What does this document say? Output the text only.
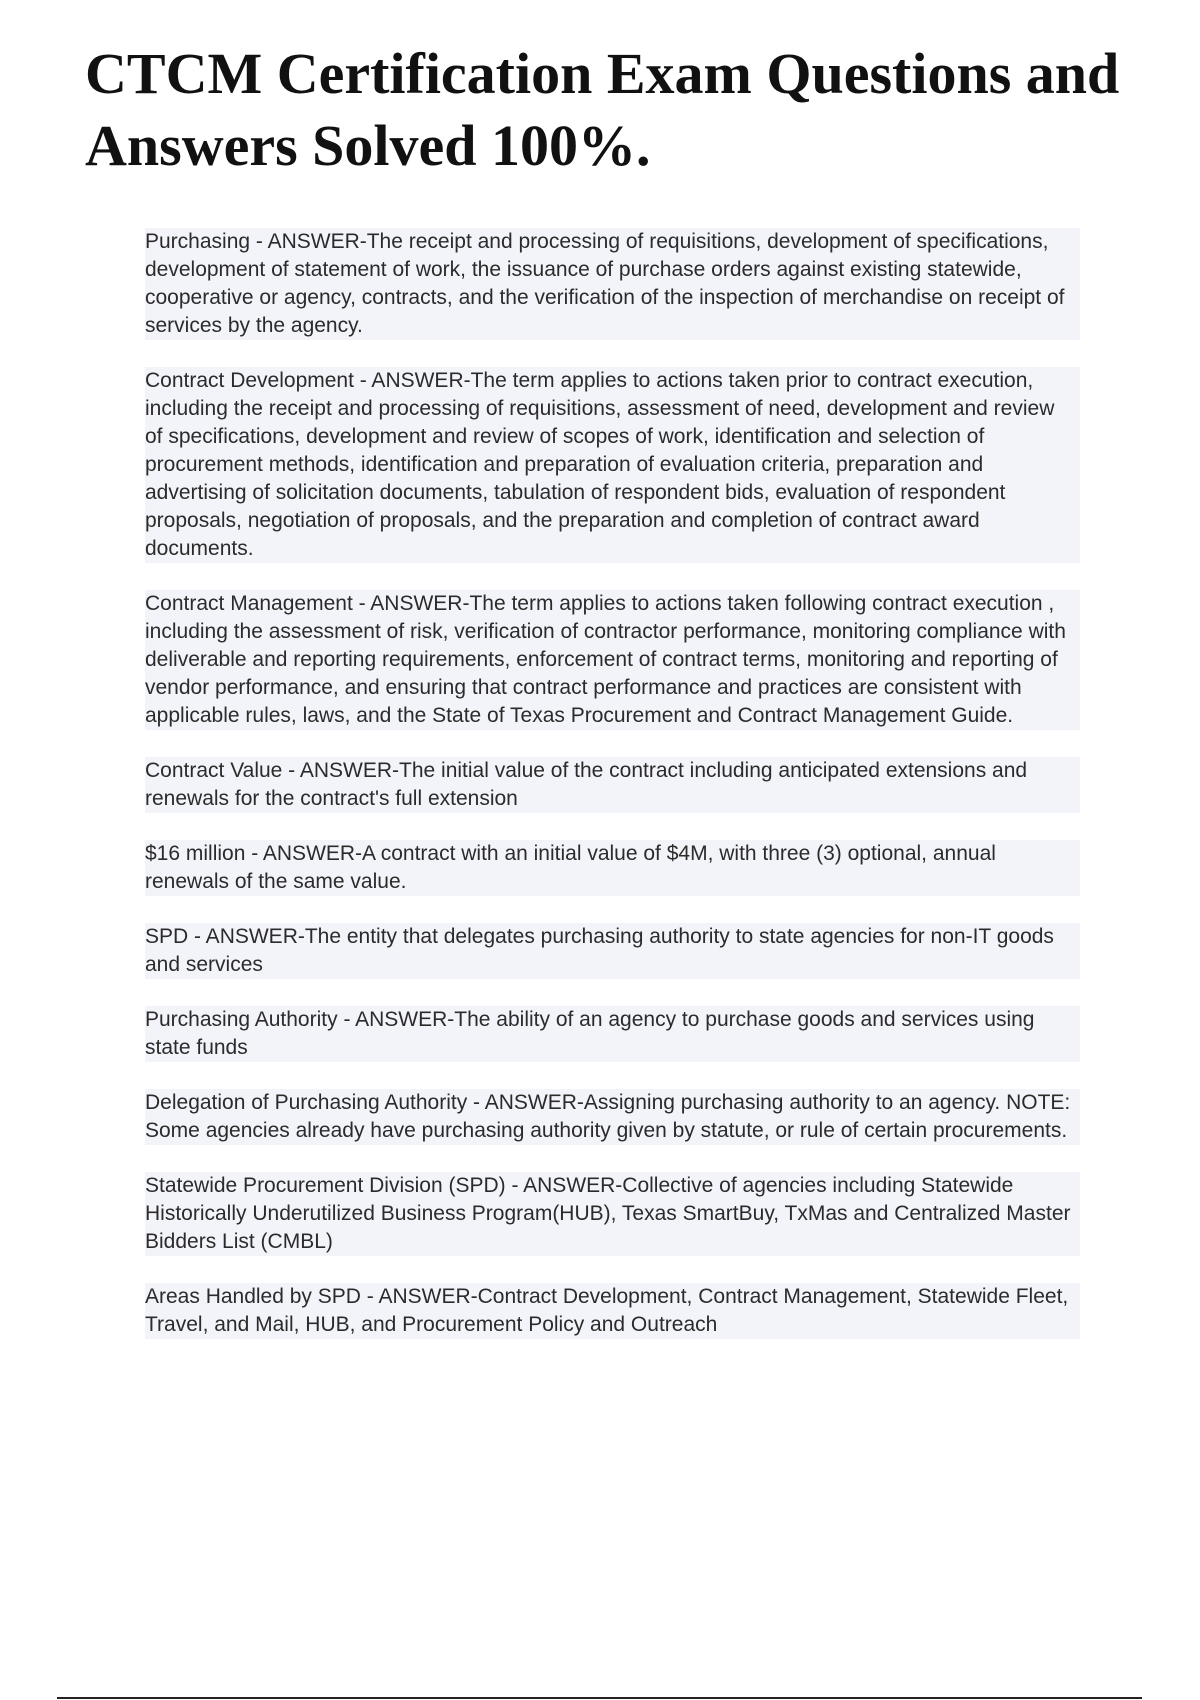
CTCM Certification Exam Questions and
Answers Solved 100%.

Purchasing - ANSWER-The receipt and processing of requisitions, development of specifications, development of statement of work, the issuance of purchase orders against existing statewide, cooperative or agency, contracts, and the verification of the inspection of merchandise on receipt of services by the agency.

Contract Development - ANSWER-The term applies to actions taken prior to contract execution, including the receipt and processing of requisitions, assessment of need, development and review of specifications, development and review of scopes of work, identification and selection of procurement methods, identification and preparation of evaluation criteria, preparation and advertising of solicitation documents, tabulation of respondent bids, evaluation of respondent proposals, negotiation of proposals, and the preparation and completion of contract award documents.

Contract Management - ANSWER-The term applies to actions taken following contract execution , including the assessment of risk, verification of contractor performance, monitoring compliance with deliverable and reporting requirements, enforcement of contract terms, monitoring and reporting of vendor performance, and ensuring that contract performance and practices are consistent with applicable rules, laws, and the State of Texas Procurement and Contract Management Guide.

Contract Value - ANSWER-The initial value of the contract including anticipated extensions and renewals for the contract's full extension

$16 million - ANSWER-A contract with an initial value of $4M, with three (3) optional, annual renewals of the same value.

SPD - ANSWER-The entity that delegates purchasing authority to state agencies for non-IT goods and services

Purchasing Authority - ANSWER-The ability of an agency to purchase goods and services using state funds

Delegation of Purchasing Authority - ANSWER-Assigning purchasing authority to an agency. NOTE: Some agencies already have purchasing authority given by statute, or rule of certain procurements.

Statewide Procurement Division (SPD) - ANSWER-Collective of agencies including Statewide Historically Underutilized Business Program(HUB), Texas SmartBuy, TxMas and Centralized Master Bidders List (CMBL)

Areas Handled by SPD - ANSWER-Contract Development, Contract Management, Statewide Fleet, Travel, and Mail, HUB, and Procurement Policy and Outreach
